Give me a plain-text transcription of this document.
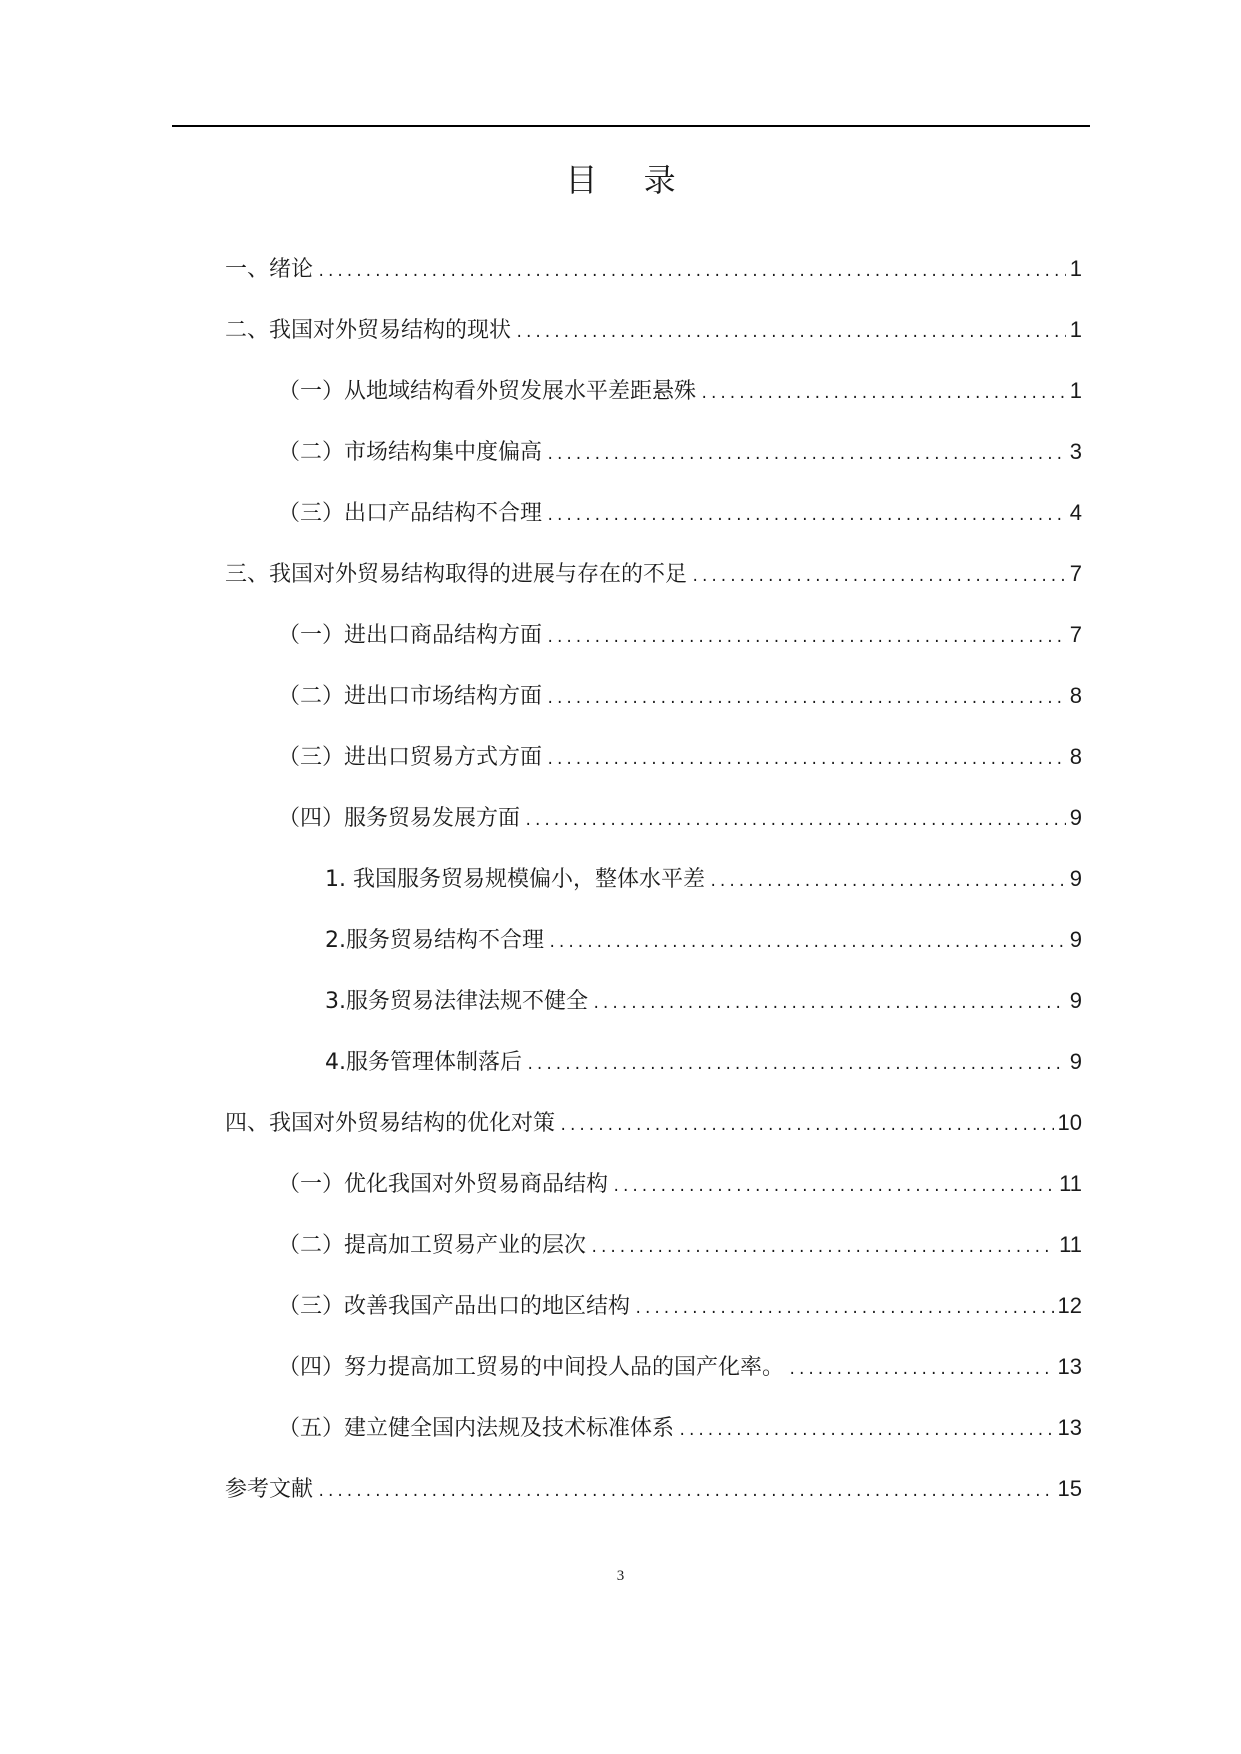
目 录
一、绪论 .....	1
二、我国对外贸易结构的现状 .....	1
（一）从地域结构看外贸发展水平差距悬殊 .....	1
（二）市场结构集中度偏高 .....	3
（三）出口产品结构不合理 .....	4
三、我国对外贸易结构取得的进展与存在的不足 .....	7
（一）进出口商品结构方面 .....	7
（二）进出口市场结构方面 .....	8
（三）进出口贸易方式方面 .....	8
（四）服务贸易发展方面 .....	9
1. 我国服务贸易规模偏小，整体水平差 .....	9
2.服务贸易结构不合理 .....	9
3.服务贸易法律法规不健全 .....	9
4.服务管理体制落后 .....	9
四、我国对外贸易结构的优化对策 .....	10
（一）优化我国对外贸易商品结构 .....	11
（二）提高加工贸易产业的层次 .....	11
（三）改善我国产品出口的地区结构 .....	12
（四）努力提高加工贸易的中间投人品的国产化率。 .....	13
（五）建立健全国内法规及技术标准体系 .....	13
参考文献 .....	15
3
